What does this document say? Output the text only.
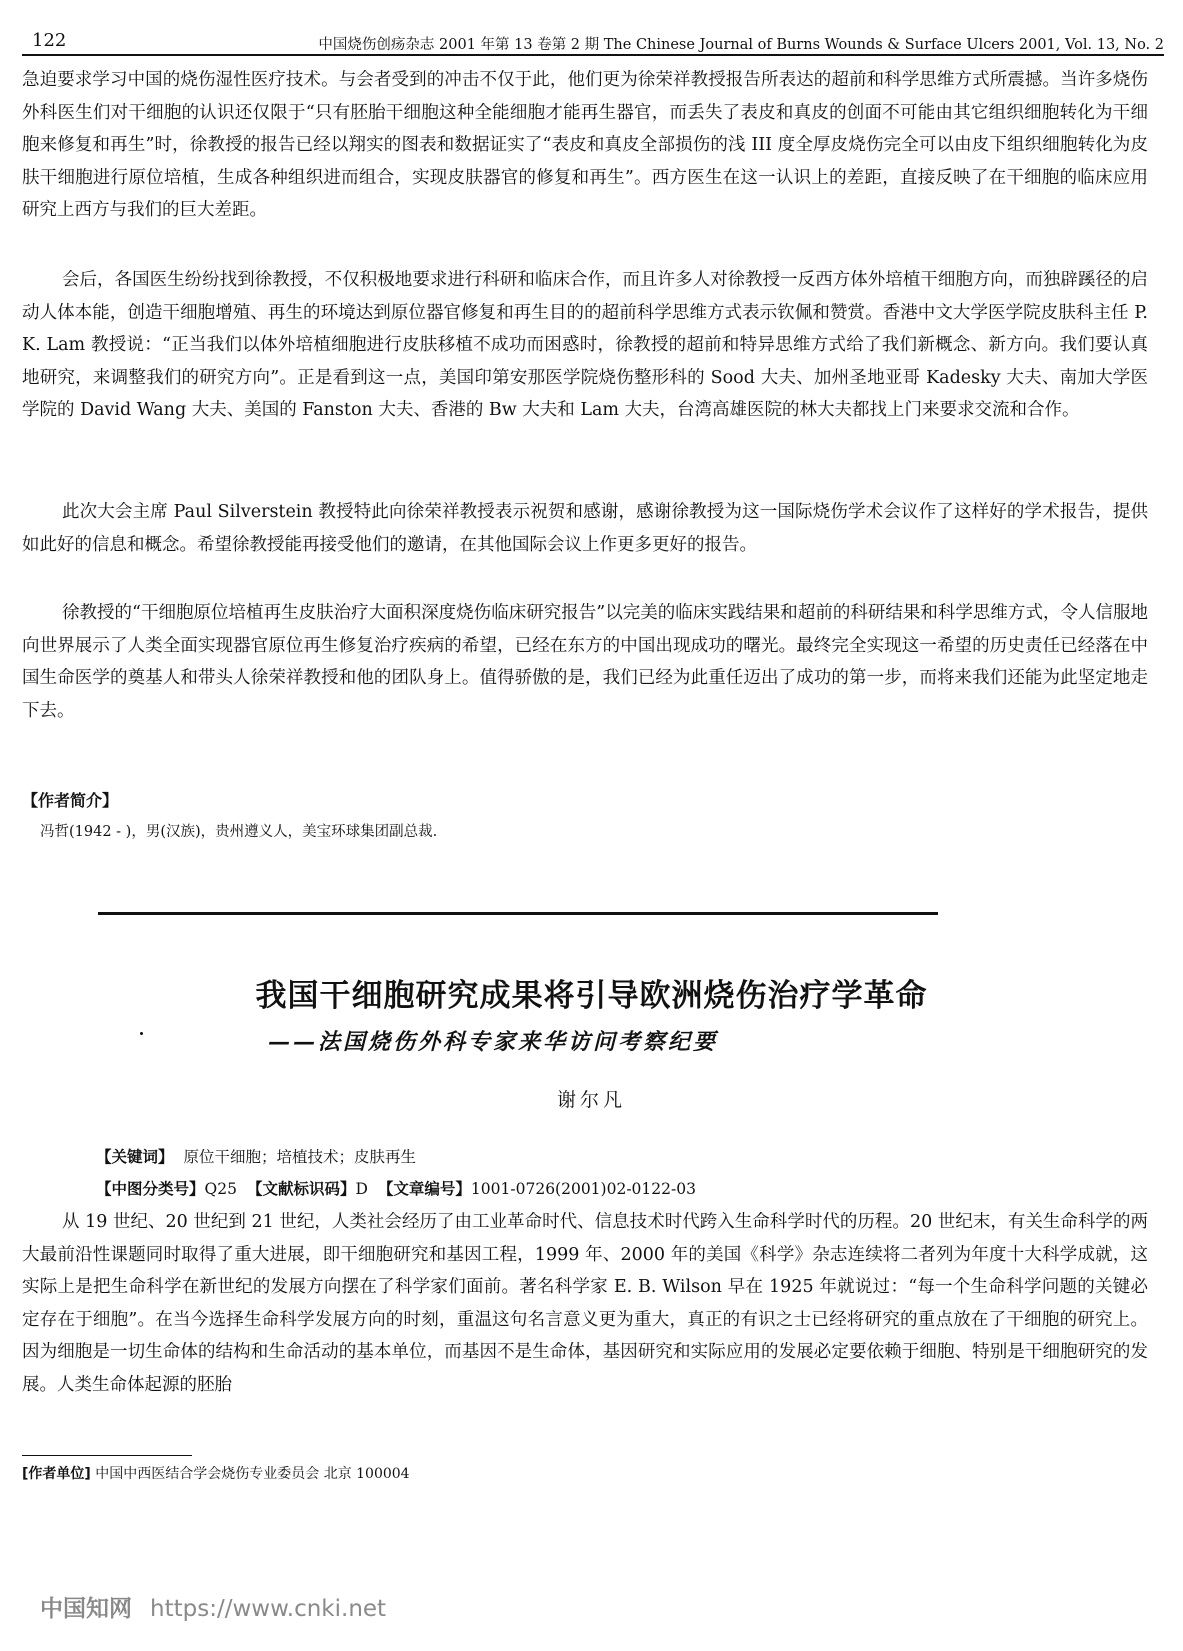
122	中国烧伤创疡杂志 2001 年第 13 卷第 2 期 The Chinese Journal of Burns Wounds & Surface Ulcers 2001, Vol. 13, No. 2

急迫要求学习中国的烧伤湿性医疗技术。与会者受到的冲击不仅于此，他们更为徐荣祥教授报告所表达的超前和科学思维方式所震撼。当许多烧伤外科医生们对干细胞的认识还仅限于“只有胚胎干细胞这种全能细胞才能再生器官，而丢失了表皮和真皮的创面不可能由其它组织细胞转化为干细胞来修复和再生”时，徐教授的报告已经以翔实的图表和数据证实了“表皮和真皮全部损伤的浅 III 度全厚皮烧伤完全可以由皮下组织细胞转化为皮肤干细胞进行原位培植，生成各种组织进而组合，实现皮肤器官的修复和再生”。西方医生在这一认识上的差距，直接反映了在干细胞的临床应用研究上西方与我们的巨大差距。

会后，各国医生纷纷找到徐教授，不仅积极地要求进行科研和临床合作，而且许多人对徐教授一反西方体外培植干细胞方向，而独辟蹊径的启动人体本能，创造干细胞增殖、再生的环境达到原位器官修复和再生目的的超前科学思维方式表示钦佩和赞赏。香港中文大学医学院皮肤科主任 P. K. Lam 教授说：“正当我们以体外培植细胞进行皮肤移植不成功而困惑时，徐教授的超前和特异思维方式给了我们新概念、新方向。我们要认真地研究，来调整我们的研究方向”。正是看到这一点，美国印第安那医学院烧伤整形科的 Sood 大夫、加州圣地亚哥 Kadesky 大夫、南加大学医学院的 David Wang 大夫、美国的 Fanston 大夫、香港的 Bw 大夫和 Lam 大夫，台湾高雄医院的林大夫都找上门来要求交流和合作。

此次大会主席 Paul Silverstein 教授特此向徐荣祥教授表示祝贺和感谢，感谢徐教授为这一国际烧伤学术会议作了这样好的学术报告，提供如此好的信息和概念。希望徐教授能再接受他们的邀请，在其他国际会议上作更多更好的报告。

徐教授的“干细胞原位培植再生皮肤治疗大面积深度烧伤临床研究报告”以完美的临床实践结果和超前的科研结果和科学思维方式，令人信服地向世界展示了人类全面实现器官原位再生修复治疗疾病的希望，已经在东方的中国出现成功的曙光。最终完全实现这一希望的历史责任已经落在中国生命医学的奠基人和带头人徐荣祥教授和他的团队身上。值得骄傲的是，我们已经为此重任迈出了成功的第一步，而将来我们还能为此坚定地走下去。

【作者简介】
冯哲(1942 - )，男(汉族)，贵州遵义人，美宝环球集团副总裁.
我国干细胞研究成果将引导欧洲烧伤治疗学革命
——法国烧伤外科专家来华访问考察纪要
谢尔凡
【关键词】 原位干细胞；培植技术；皮肤再生
【中图分类号】Q25 【文献标识码】D 【文章编号】1001-0726(2001)02-0122-03

从 19 世纪、20 世纪到 21 世纪，人类社会经历了由工业革命时代、信息技术时代跨入生命科学时代的历程。20 世纪末，有关生命科学的两大最前沿性课题同时取得了重大进展，即干细胞研究和基因工程，1999 年、2000 年的美国《科学》杂志连续将二者列为年度十大科学成就，这实际上是把生命科学在新世纪的发展方向摆在了科学家们面前。著名科学家 E. B. Wilson 早在 1925 年就说过：“每一个生命科学问题的关键必定存在于细胞”。在当今选择生命科学发展方向的时刻，重温这句名言意义更为重大，真正的有识之士已经将研究的重点放在了干细胞的研究上。因为细胞是一切生命体的结构和生命活动的基本单位，而基因不是生命体，基因研究和实际应用的发展必定要依赖于细胞、特别是干细胞研究的发展。人类生命体起源的胚胎

[作者单位] 中国中西医结合学会烧伤专业委员会 北京 100004
中国知网 https://www.cnki.net
